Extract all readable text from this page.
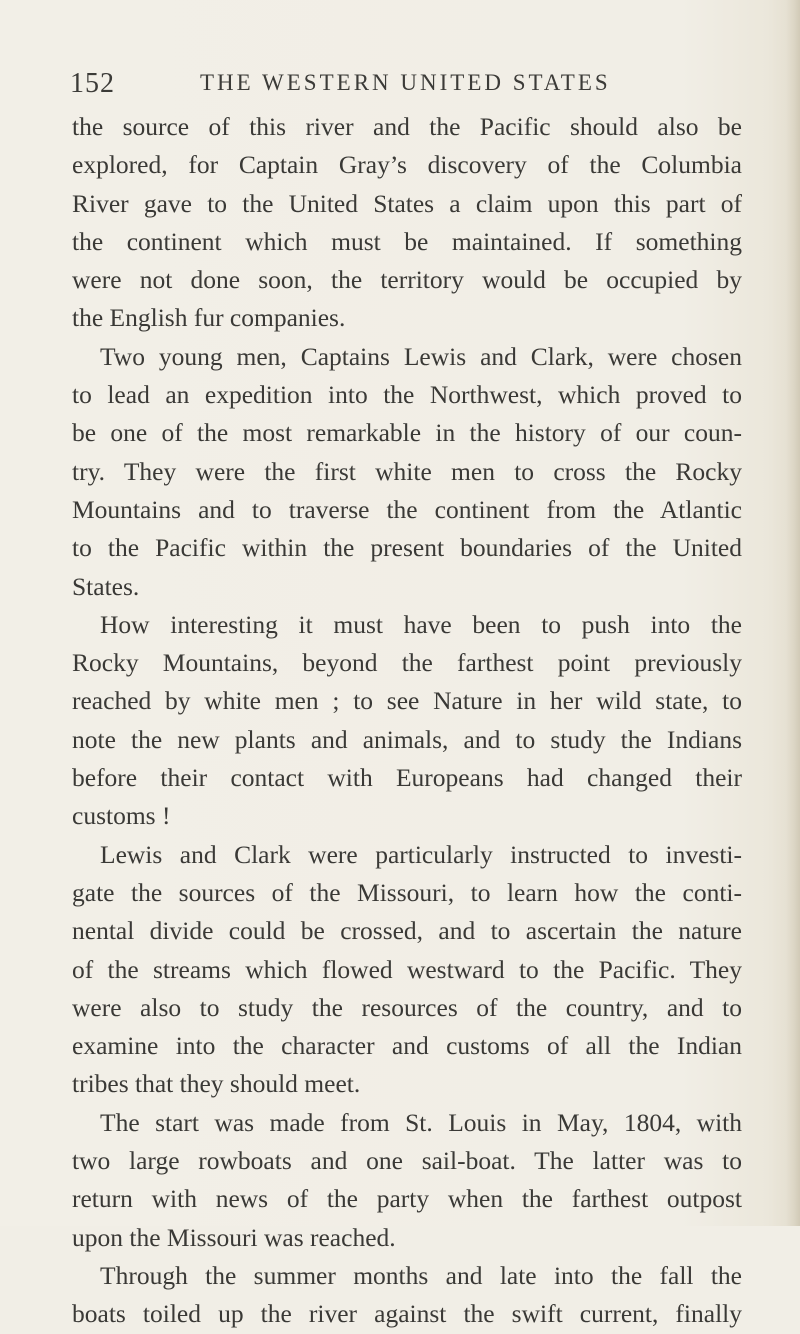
152	THE WESTERN UNITED STATES

the source of this river and the Pacific should also be
explored, for Captain Gray’s discovery of the Columbia
River gave to the United States a claim upon this part of
the continent which must be maintained. If something
were not done soon, the territory would be occupied by
the English fur companies.

Two young men, Captains Lewis and Clark, were chosen
to lead an expedition into the Northwest, which proved to
be one of the most remarkable in the history of our coun-
try. They were the first white men to cross the Rocky
Mountains and to traverse the continent from the Atlantic
to the Pacific within the present boundaries of the United
States.

How interesting it must have been to push into the
Rocky Mountains, beyond the farthest point previously
reached by white men ; to see Nature in her wild state, to
note the new plants and animals, and to study the Indians
before their contact with Europeans had changed their
customs !

Lewis and Clark were particularly instructed to investi-
gate the sources of the Missouri, to learn how the conti-
nental divide could be crossed, and to ascertain the nature
of the streams which flowed westward to the Pacific. They
were also to study the resources of the country, and to
examine into the character and customs of all the Indian
tribes that they should meet.

The start was made from St. Louis in May, 1804, with
two large rowboats and one sail-boat. The latter was to
return with news of the party when the farthest outpost
upon the Missouri was reached.

Through the summer months and late into the fall the
boats toiled up the river against the swift current, finally
